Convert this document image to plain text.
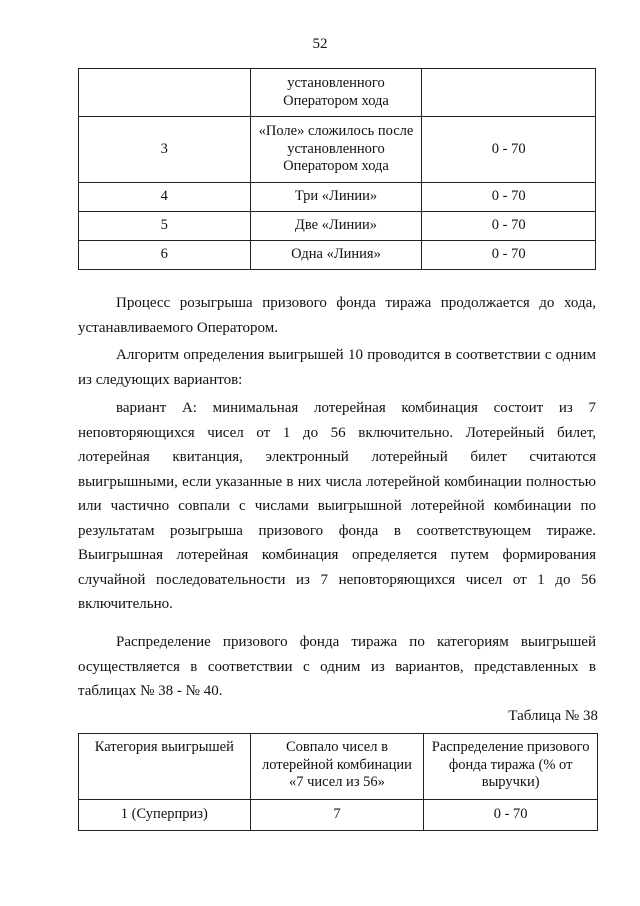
52
	установленного Оператором хода	
3	«Поле» сложилось после установленного Оператором хода	0 - 70
4	Три «Линии»	0 - 70
5	Две «Линии»	0 - 70
6	Одна «Линия»	0 - 70

Процесс розыгрыша призового фонда тиража продолжается до хода, устанавливаемого Оператором.

Алгоритм определения выигрышей 10 проводится в соответствии с одним из следующих вариантов:

вариант А: минимальная лотерейная комбинация состоит из 7 неповторяющихся чисел от 1 до 56 включительно. Лотерейный билет, лотерейная квитанция, электронный лотерейный билет считаются выигрышными, если указанные в них числа лотерейной комбинации полностью или частично совпали с числами выигрышной лотерейной комбинации по результатам розыгрыша призового фонда в соответствующем тираже. Выигрышная лотерейная комбинация определяется путем формирования случайной последовательности из 7 неповторяющихся чисел от 1 до 56 включительно.

Распределение призового фонда тиража по категориям выигрышей осуществляется в соответствии с одним из вариантов, представленных в таблицах № 38 - № 40.

Таблица № 38
Категория выигрышей	Совпало чисел в лотерейной комбинации «7 чисел из 56»	Распределение призового фонда тиража (% от выручки)
1 (Суперприз)	7	0 - 70
